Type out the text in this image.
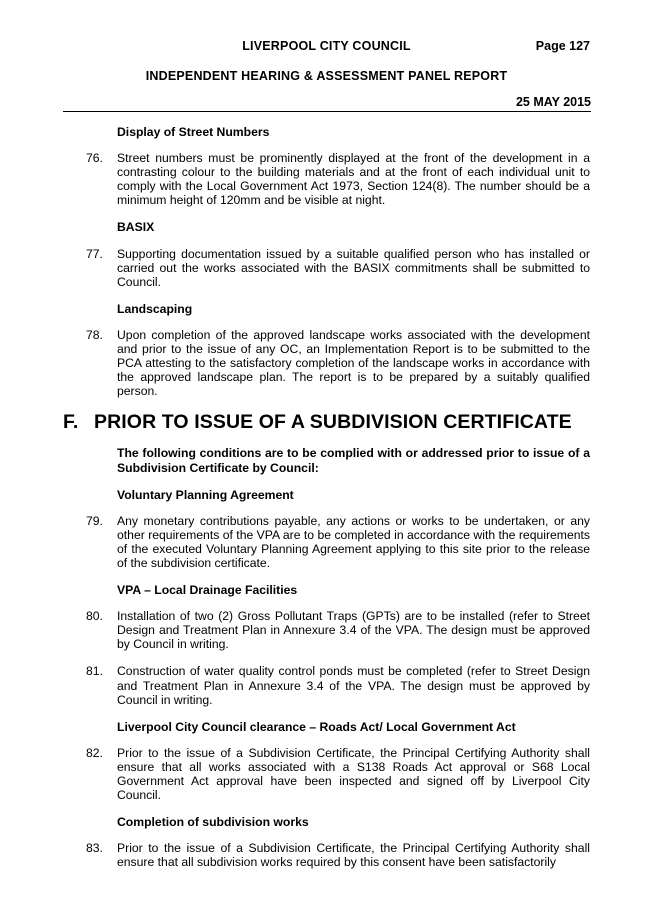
LIVERPOOL CITY COUNCIL	Page 127
INDEPENDENT HEARING & ASSESSMENT PANEL REPORT
25 MAY 2015
Display of Street Numbers
76.	Street numbers must be prominently displayed at the front of the development in a contrasting colour to the building materials and at the front of each individual unit to comply with the Local Government Act 1973, Section 124(8). The number should be a minimum height of 120mm and be visible at night.
BASIX
77.	Supporting documentation issued by a suitable qualified person who has installed or carried out the works associated with the BASIX commitments shall be submitted to Council.
Landscaping
78.	Upon completion of the approved landscape works associated with the development and prior to the issue of any OC, an Implementation Report is to be submitted to the PCA attesting to the satisfactory completion of the landscape works in accordance with the approved landscape plan. The report is to be prepared by a suitably qualified person.
F. PRIOR TO ISSUE OF A SUBDIVISION CERTIFICATE
The following conditions are to be complied with or addressed prior to issue of a Subdivision Certificate by Council:
Voluntary Planning Agreement
79.	Any monetary contributions payable, any actions or works to be undertaken, or any other requirements of the VPA are to be completed in accordance with the requirements of the executed Voluntary Planning Agreement applying to this site prior to the release of the subdivision certificate.
VPA – Local Drainage Facilities
80.	Installation of two (2) Gross Pollutant Traps (GPTs) are to be installed (refer to Street Design and Treatment Plan in Annexure 3.4 of the VPA. The design must be approved by Council in writing.
81.	Construction of water quality control ponds must be completed (refer to Street Design and Treatment Plan in Annexure 3.4 of the VPA. The design must be approved by Council in writing.
Liverpool City Council clearance – Roads Act/ Local Government Act
82.	Prior to the issue of a Subdivision Certificate, the Principal Certifying Authority shall ensure that all works associated with a S138 Roads Act approval or S68 Local Government Act approval have been inspected and signed off by Liverpool City Council.
Completion of subdivision works
83.	Prior to the issue of a Subdivision Certificate, the Principal Certifying Authority shall ensure that all subdivision works required by this consent have been satisfactorily
